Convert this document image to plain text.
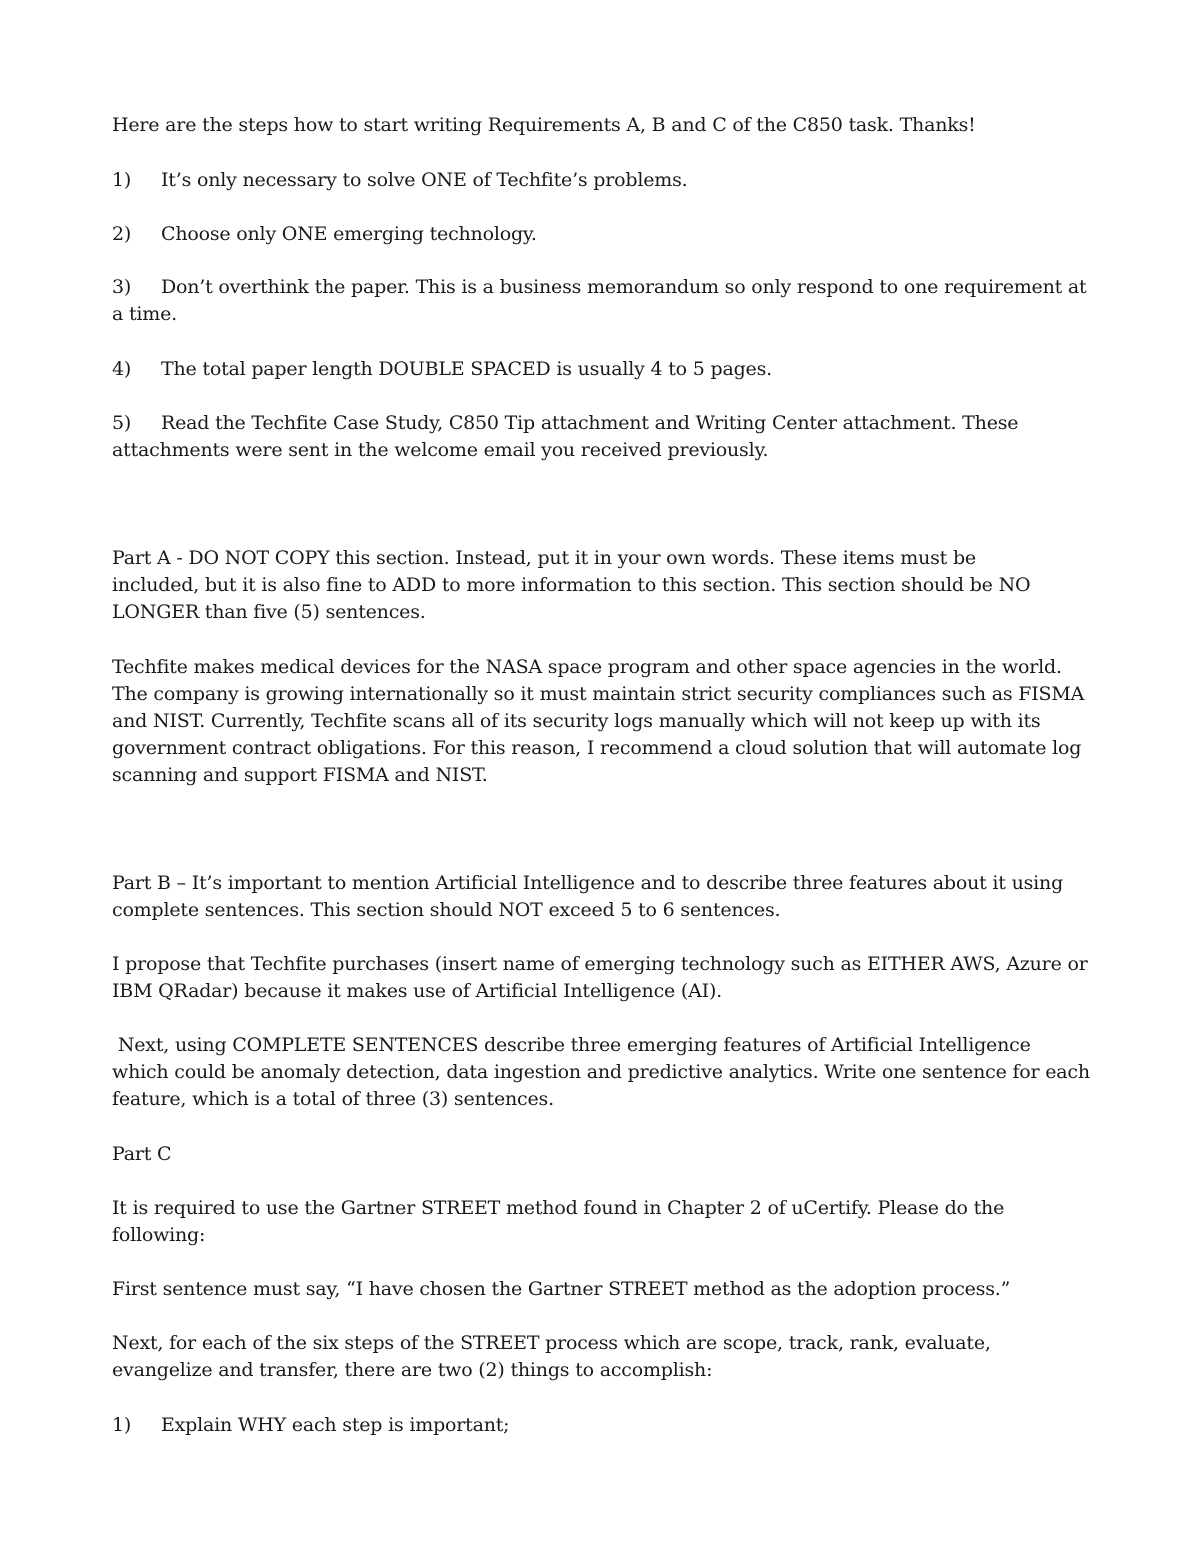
Here are the steps how to start writing Requirements A, B and C of the C850 task. Thanks!
1) It’s only necessary to solve ONE of Techfite’s problems.
2) Choose only ONE emerging technology.
3) Don’t overthink the paper. This is a business memorandum so only respond to one requirement at
a time.
4) The total paper length DOUBLE SPACED is usually 4 to 5 pages.
5) Read the Techfite Case Study, C850 Tip attachment and Writing Center attachment. These
attachments were sent in the welcome email you received previously.
Part A - DO NOT COPY this section. Instead, put it in your own words. These items must be
included, but it is also fine to ADD to more information to this section. This section should be NO
LONGER than five (5) sentences.
Techfite makes medical devices for the NASA space program and other space agencies in the world.
The company is growing internationally so it must maintain strict security compliances such as FISMA
and NIST. Currently, Techfite scans all of its security logs manually which will not keep up with its
government contract obligations. For this reason, I recommend a cloud solution that will automate log
scanning and support FISMA and NIST.
Part B – It’s important to mention Artificial Intelligence and to describe three features about it using
complete sentences. This section should NOT exceed 5 to 6 sentences.
I propose that Techfite purchases (insert name of emerging technology such as EITHER AWS, Azure or
IBM QRadar) because it makes use of Artificial Intelligence (AI).
Next, using COMPLETE SENTENCES describe three emerging features of Artificial Intelligence
which could be anomaly detection, data ingestion and predictive analytics. Write one sentence for each
feature, which is a total of three (3) sentences.
Part C
It is required to use the Gartner STREET method found in Chapter 2 of uCertify. Please do the
following:
First sentence must say, “I have chosen the Gartner STREET method as the adoption process.”
Next, for each of the six steps of the STREET process which are scope, track, rank, evaluate,
evangelize and transfer, there are two (2) things to accomplish:
1) Explain WHY each step is important;
